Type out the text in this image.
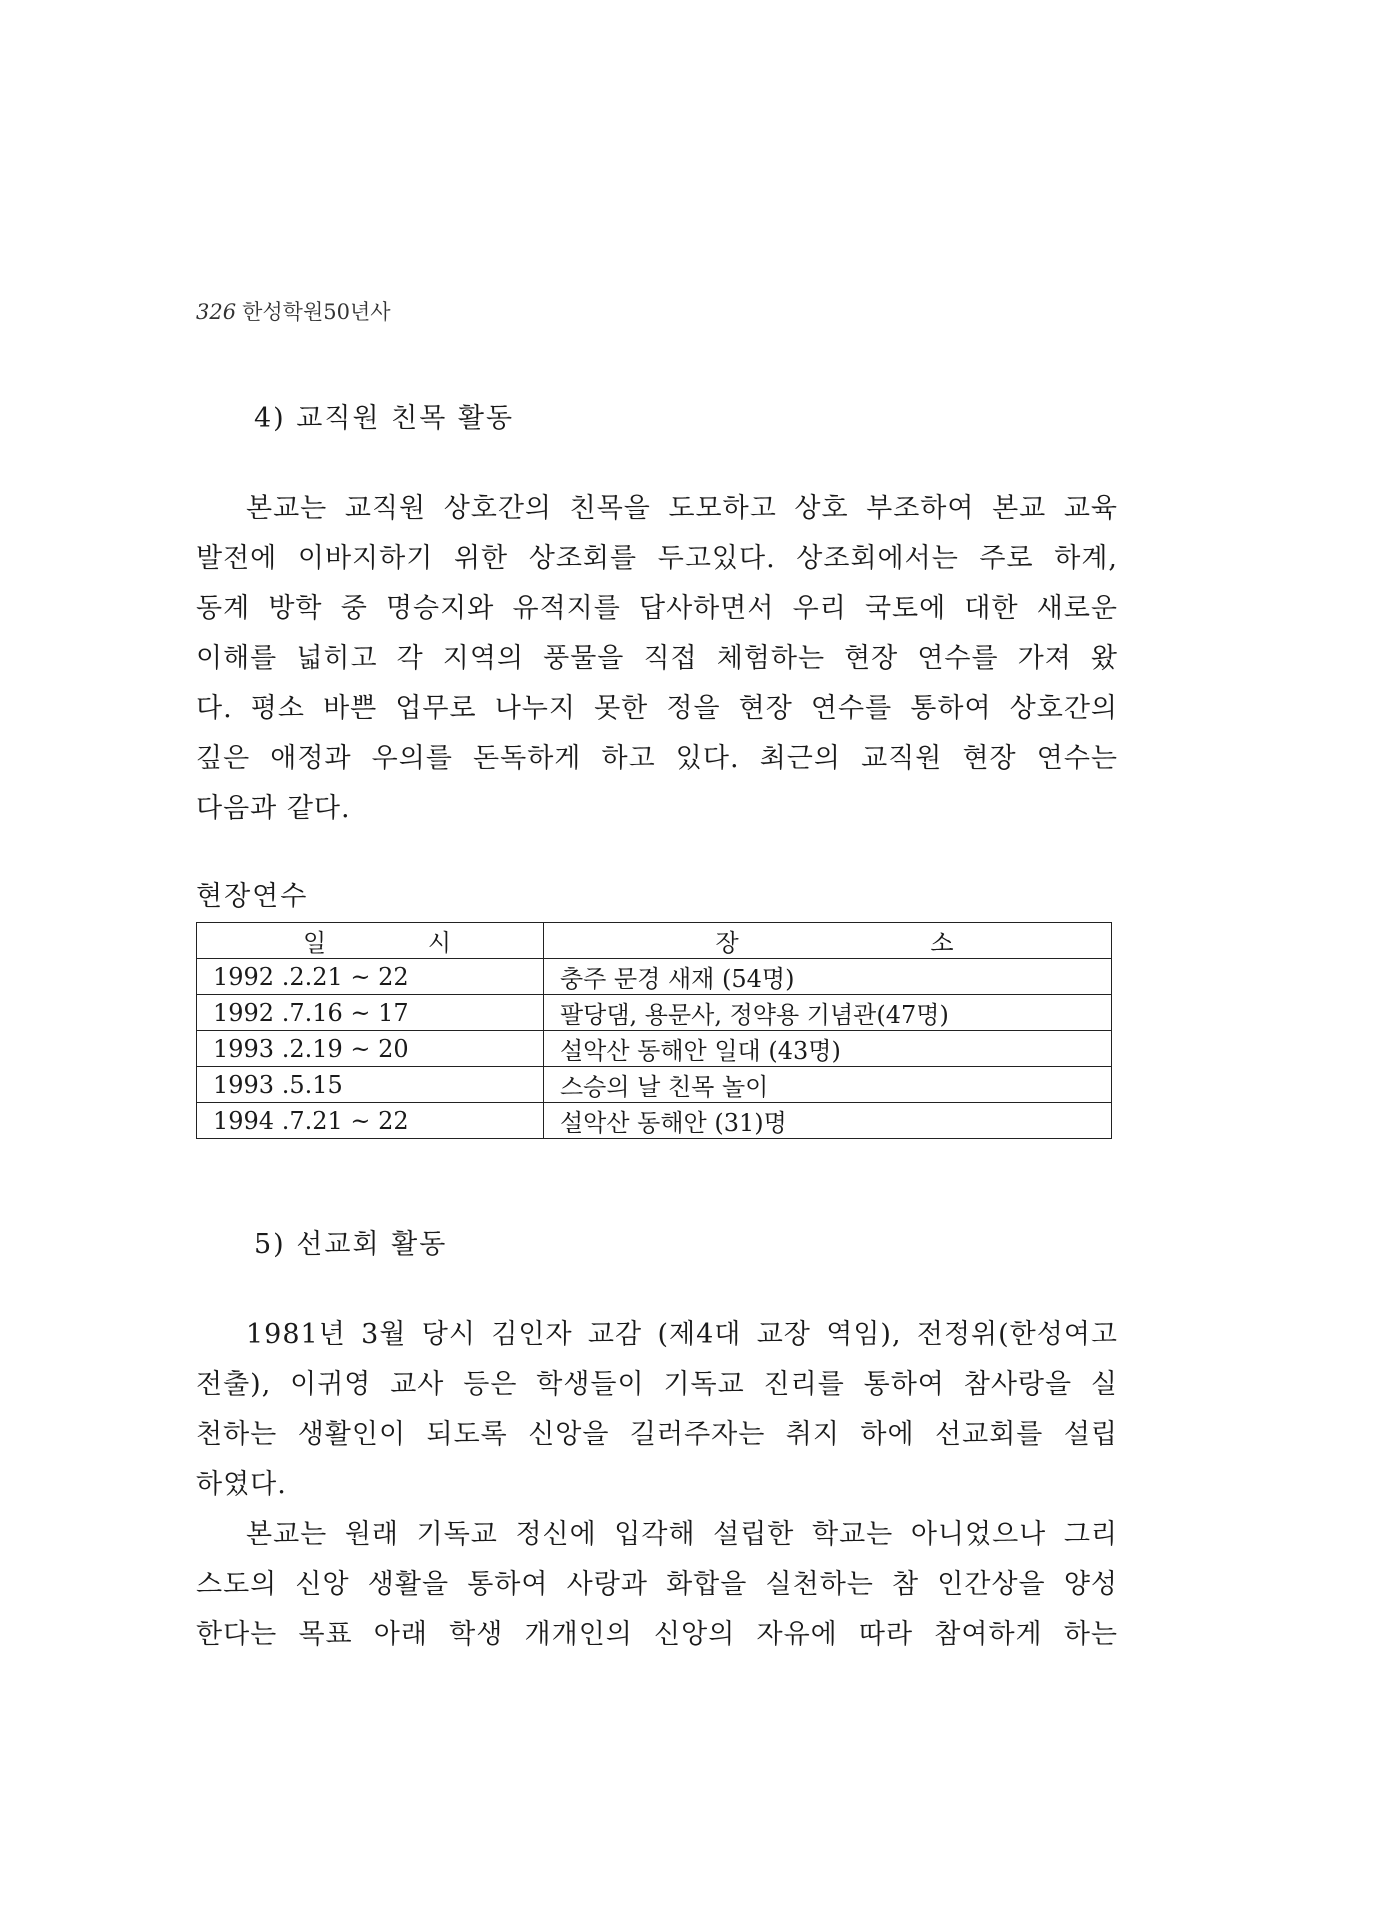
326 한성학원50년사
4) 교직원 친목 활동

본교는 교직원 상호간의 친목을 도모하고 상호 부조하여 본교 교육

발전에 이바지하기 위한 상조회를 두고있다. 상조회에서는 주로 하계,

동계 방학 중 명승지와 유적지를 답사하면서 우리 국토에 대한 새로운

이해를 넓히고 각 지역의 풍물을 직접 체험하는 현장 연수를 가져 왔

다. 평소 바쁜 업무로 나누지 못한 정을 현장 연수를 통하여 상호간의

깊은 애정과 우의를 돈독하게 하고 있다. 최근의 교직원 현장 연수는

다음과 같다.

현장연수
일 시	장 소
1992 .2.21 ~ 22	충주 문경 새재 (54명)
1992 .7.16 ~ 17	팔당댐, 용문사, 정약용 기념관(47명)
1993 .2.19 ~ 20	설악산 동해안 일대 (43명)
1993 .5.15	스승의 날 친목 놀이
1994 .7.21 ~ 22	설악산 동해안 (31)명
5) 선교회 활동

1981년 3월 당시 김인자 교감 (제4대 교장 역임), 전정위(한성여고

전출), 이귀영 교사 등은 학생들이 기독교 진리를 통하여 참사랑을 실

천하는 생활인이 되도록 신앙을 길러주자는 취지 하에 선교회를 설립

하였다.

본교는 원래 기독교 정신에 입각해 설립한 학교는 아니었으나 그리

스도의 신앙 생활을 통하여 사랑과 화합을 실천하는 참 인간상을 양성

한다는 목표 아래 학생 개개인의 신앙의 자유에 따라 참여하게 하는
